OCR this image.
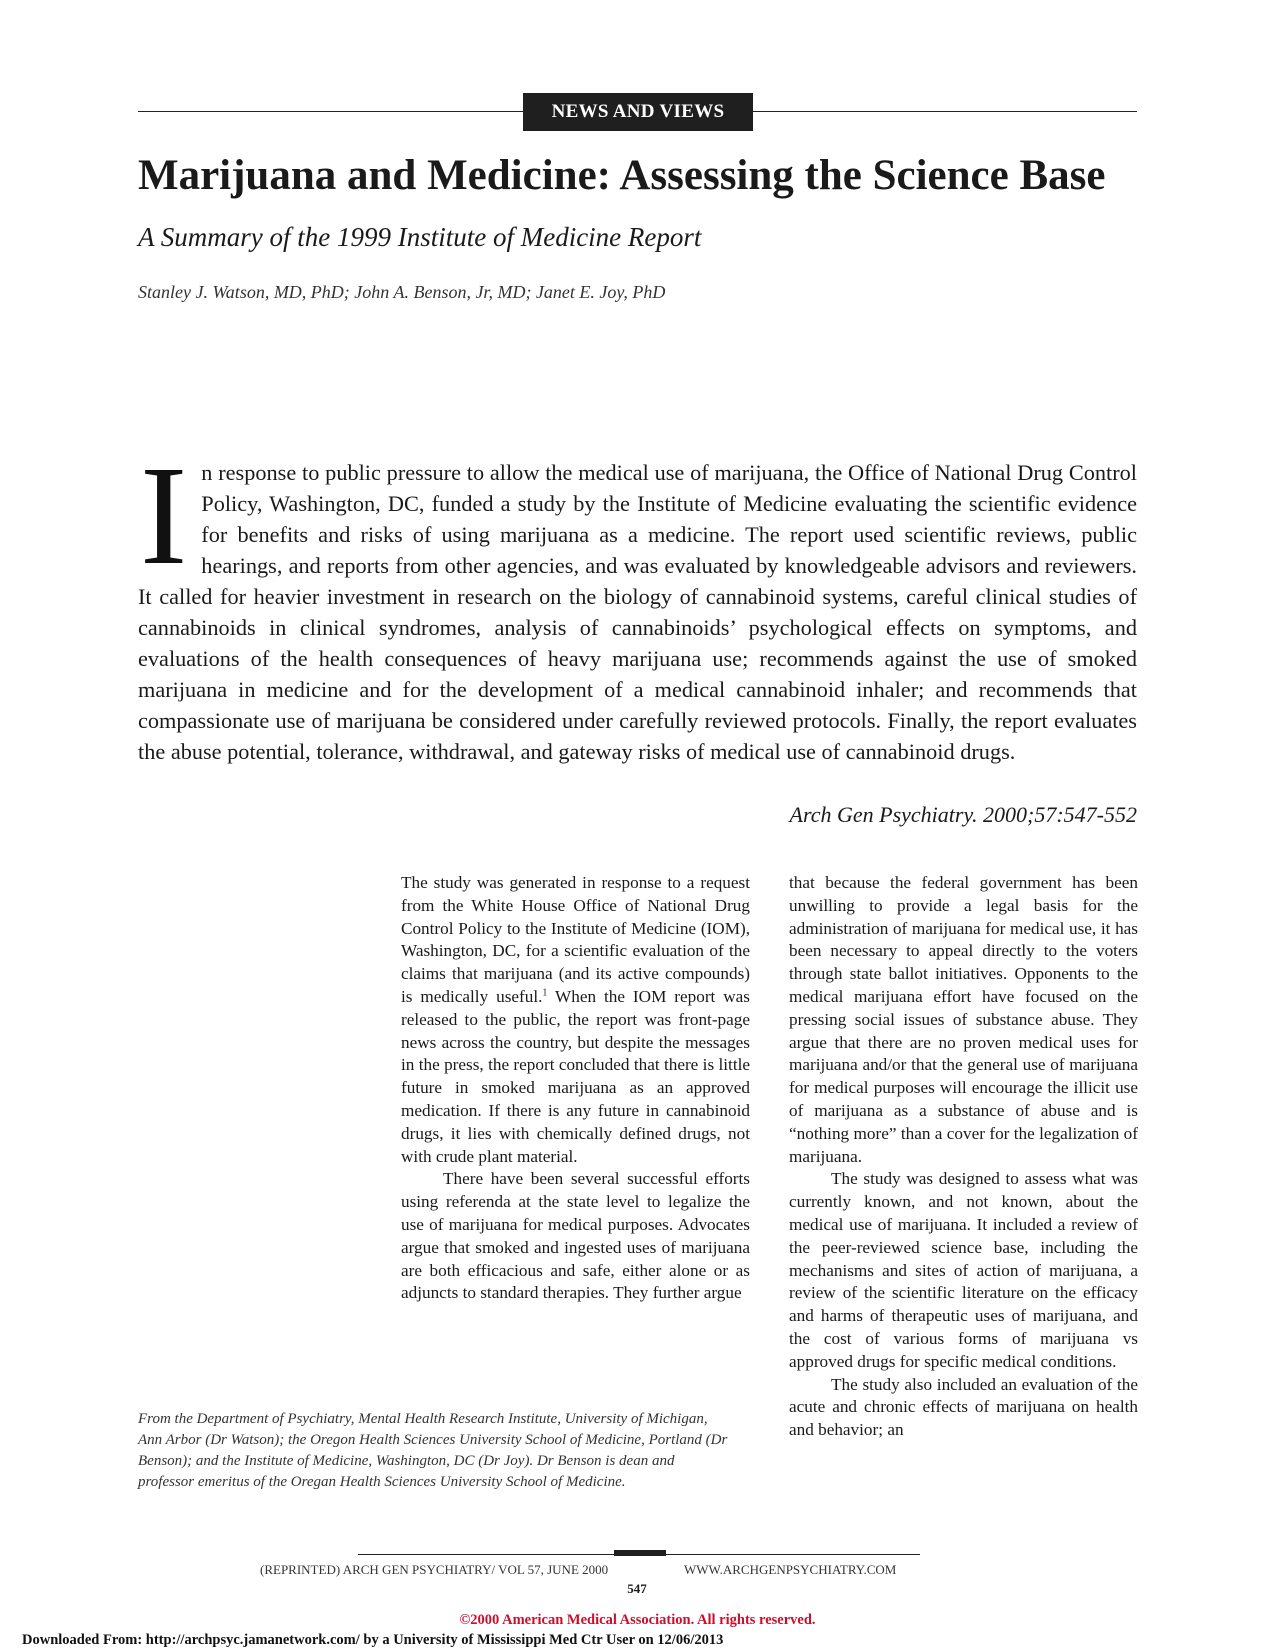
NEWS AND VIEWS
Marijuana and Medicine: Assessing the Science Base
A Summary of the 1999 Institute of Medicine Report
Stanley J. Watson, MD, PhD; John A. Benson, Jr, MD; Janet E. Joy, PhD
I n response to public pressure to allow the medical use of marijuana, the Office of National Drug Control Policy, Washington, DC, funded a study by the Institute of Medicine evaluating the scientific evidence for benefits and risks of using marijuana as a medicine. The report used scientific reviews, public hearings, and reports from other agencies, and was evaluated by knowledgeable advisors and reviewers. It called for heavier investment in research on the biology of cannabinoid systems, careful clinical studies of cannabinoids in clinical syndromes, analysis of cannabinoids’ psychological effects on symptoms, and evaluations of the health consequences of heavy marijuana use; recommends against the use of smoked marijuana in medicine and for the development of a medical cannabinoid inhaler; and recommends that compassionate use of marijuana be considered under carefully reviewed protocols. Finally, the report evaluates the abuse potential, tolerance, withdrawal, and gateway risks of medical use of cannabinoid drugs.
Arch Gen Psychiatry. 2000;57:547-552

The study was generated in response to a request from the White House Office of National Drug Control Policy to the Institute of Medicine (IOM), Washington, DC, for a scientific evaluation of the claims that marijuana (and its active compounds) is medically useful.$^1$ When the IOM report was released to the public, the report was front-page news across the country, but despite the messages in the press, the report concluded that there is little future in smoked marijuana as an approved medication. If there is any future in cannabinoid drugs, it lies with chemically defined drugs, not with crude plant material.

There have been several successful efforts using referenda at the state level to legalize the use of marijuana for medical purposes. Advocates argue that smoked and ingested uses of marijuana are both efficacious and safe, either alone or as adjuncts to standard therapies. They further argue

that because the federal government has been unwilling to provide a legal basis for the administration of marijuana for medical use, it has been necessary to appeal directly to the voters through state ballot initiatives. Opponents to the medical marijuana effort have focused on the pressing social issues of substance abuse. They argue that there are no proven medical uses for marijuana and/or that the general use of marijuana for medical purposes will encourage the illicit use of marijuana as a substance of abuse and is “nothing more” than a cover for the legalization of marijuana.

The study was designed to assess what was currently known, and not known, about the medical use of marijuana. It included a review of the peer-reviewed science base, including the mechanisms and sites of action of marijuana, a review of the scientific literature on the efficacy and harms of therapeutic uses of marijuana, and the cost of various forms of marijuana vs approved drugs for specific medical conditions.

The study also included an evaluation of the acute and chronic effects of marijuana on health and behavior; an

From the Department of Psychiatry, Mental Health Research Institute, University of Michigan, Ann Arbor (Dr Watson); the Oregon Health Sciences University School of Medicine, Portland (Dr Benson); and the Institute of Medicine, Washington, DC (Dr Joy). Dr Benson is dean and professor emeritus of the Oregan Health Sciences University School of Medicine.
(REPRINTED) ARCH GEN PSYCHIATRY/ VOL 57, JUNE 2000	WWW.ARCHGENPSYCHIATRY.COM
547
©2000 American Medical Association. All rights reserved.
Downloaded From: http://archpsyc.jamanetwork.com/ by a University of Mississippi Med Ctr User on 12/06/2013
